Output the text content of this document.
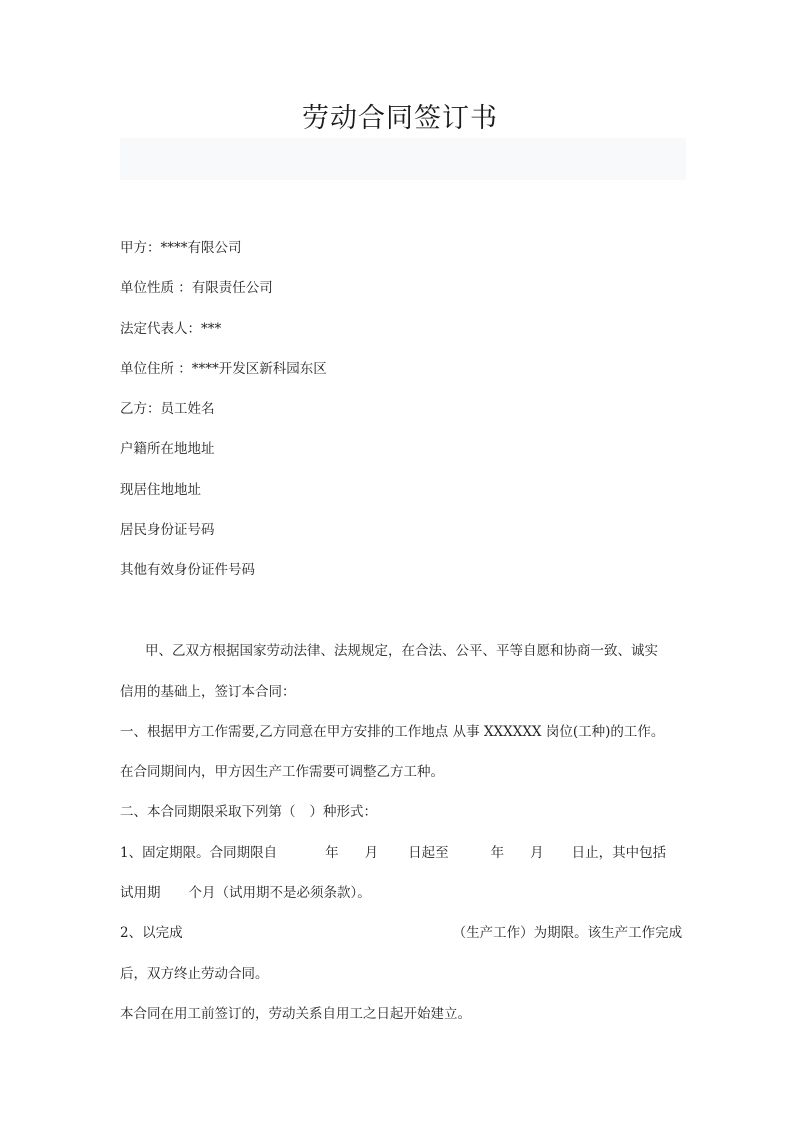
劳动合同签订书
甲方：****有限公司
单位性质 ：有限责任公司
法定代表人：***
单位住所 ：****开发区新科园东区
乙方：员工姓名
户籍所在地地址
现居住地地址
居民身份证号码
其他有效身份证件号码
甲、乙双方根据国家劳动法律、法规规定，在合法、公平、平等自愿和协商一致、诚实
信用的基础上，签订本合同：
一、根据甲方工作需要,乙方同意在甲方安排的工作地点 从事 XXXXXX 岗位(工种)的工作。
在合同期间内，甲方因生产工作需要可调整乙方工种。
二、本合同期限采取下列第（ ）种形式：
1、固定期限。合同期限自	年 月 日起至	年 月 日止，其中包括
试用期 个月（试用期不是必须条款）。
2、以完成	（生产工作）为期限。该生产工作完成
后，双方终止劳动合同。
本合同在用工前签订的，劳动关系自用工之日起开始建立。
